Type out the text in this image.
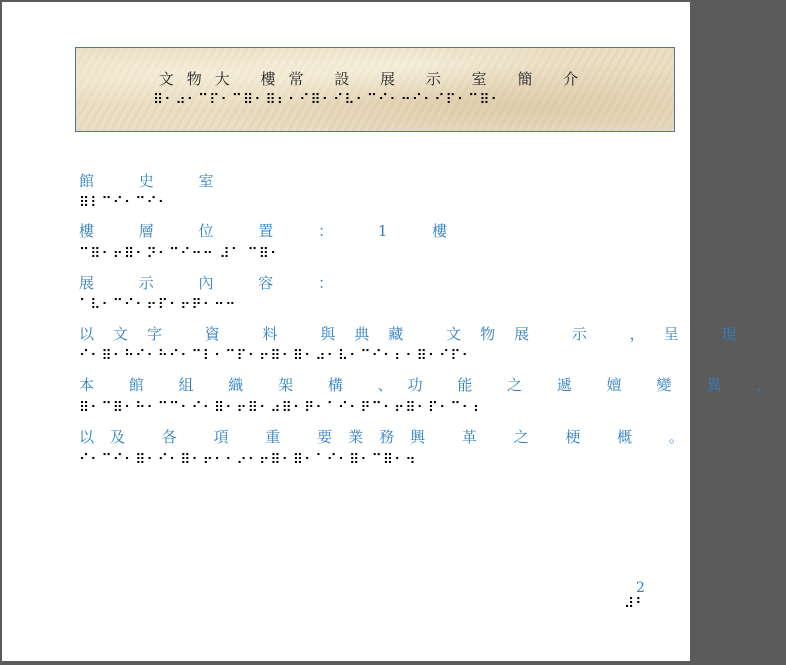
文物大 樓常 設 展 示 室 簡 介
⠿⠂⠴⠂⠉⠏⠂⠉⠿⠂⠿⠆⠂⠊⠿⠂⠊⠧⠂⠉⠊⠂⠒⠊⠂⠊⠏⠂⠉⠿⠂
館 史 室
⠿⠇⠉⠊⠂⠉⠊⠂
樓 層 位 置 ： 1 樓
⠉⠿⠂⠖⠿⠂⠝⠂⠉⠊⠒⠒ ⠼⠁ ⠉⠿⠂
展 示 內 容 ：
⠁⠧⠂⠉⠊⠂⠖⠏⠂⠖⠟⠂⠒⠒
以文字 資 料 與典藏 文物展 示 ，呈 現
⠊⠂⠿⠂⠓⠊⠂⠓⠊⠂⠉⠇⠂⠉⠏⠂⠖⠿⠂⠿⠂⠴⠂⠧⠂⠉⠊⠂⠆⠂⠿⠂⠊⠏⠂
本 館 組 織 架 構 、功 能 之 遞 嬗 變 異 ，
⠿⠂⠉⠿⠂⠓⠂⠉⠉⠂⠊⠂⠿⠂⠖⠿⠂⠴⠿⠂⠟⠂⠁⠊⠂⠟⠉⠂⠖⠿⠂⠏⠂⠉⠂⠆
以及 各 項 重 要業務興 革 之 梗 概 。
⠊⠂⠉⠊⠂⠿⠂⠊⠂⠿⠂⠖⠂⠂⠔⠂⠖⠿⠂⠿⠂⠁⠊⠂⠿⠂⠉⠿⠂⠲
2
⠼⠃
